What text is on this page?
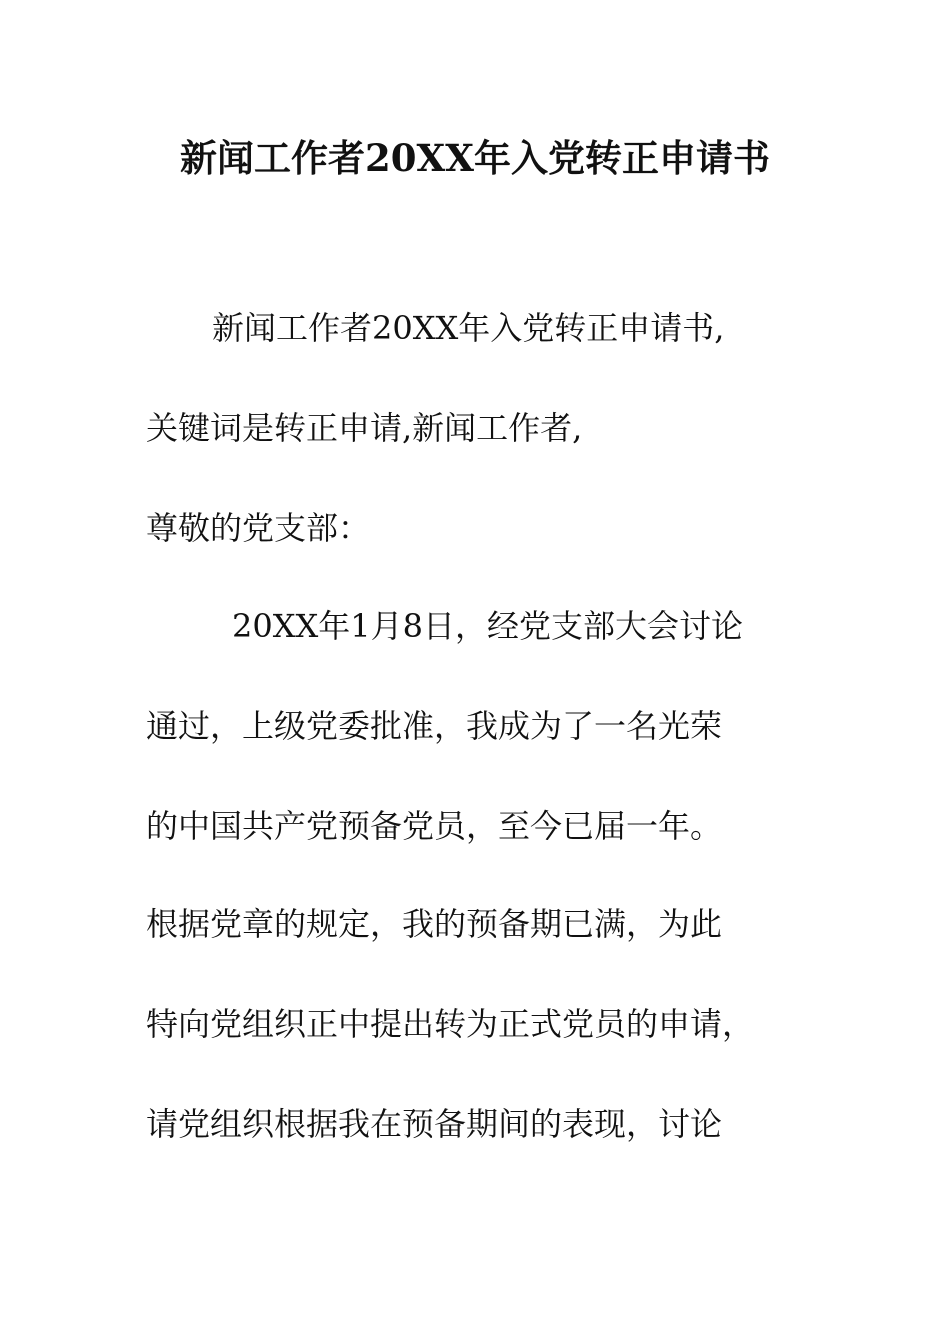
新闻工作者20XX年入党转正申请书
新闻工作者20XX年入党转正申请书,
关键词是转正申请,新闻工作者,
尊敬的党支部：
20XX年1月8日，经党支部大会讨论
通过，上级党委批准，我成为了一名光荣
的中国共产党预备党员，至今已届一年。
根据党章的规定，我的预备期已满，为此
特向党组织正中提出转为正式党员的申请，
请党组织根据我在预备期间的表现，讨论
